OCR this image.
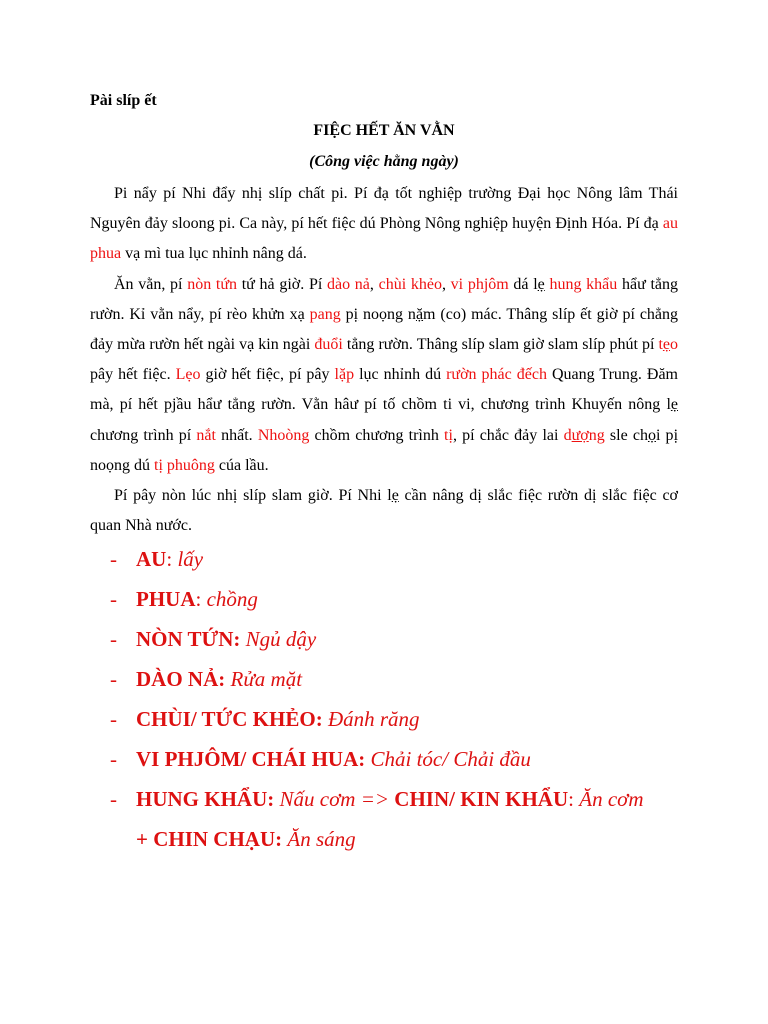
Pài slíp ết

FIỆC HẾT ĂN VẰN

(Công việc hằng ngày)

Pi nẩy pí Nhi đẩy nhị slíp chất pi. Pí đạ tốt nghiệp trường Đại học Nông lâm Thái Nguyên đảy sloong pi. Ca này, pí hết fiệc dú Phòng Nông nghiệp huyện Định Hóa. Pí đạ au phua vạ mì tua lục nhỉnh nâng dá.

Ăn vằn, pí nòn tứn tứ hả giờ. Pí dào nả, chùi khẻo, vi phjôm dá lẹ hung khẩu hẩư tẳng rườn. Kỉ vằn nẩy, pí rèo khửn xạ pang pị noọng nặm (co) mác. Thâng slíp ết giờ pí chẳng đảy mừa rườn hết ngài vạ kin ngài đuổi tẳng rườn. Thâng slíp slam giờ slam slíp phút pí tẹo pây hết fiệc. Lẹo giờ hết fiệc, pí pây lặp lục nhỉnh dú rườn phác đếch Quang Trung. Đăm mà, pí hết pjầu hẩư tẳng rườn. Vằn hâư pí tố chồm ti vi, chương trình Khuyến nông lẹ chương trình pí nắt nhất. Nhoòng chồm chương trình tị, pí chắc đảy lai dượng sle chọi pị noọng dú tị phuông cúa lầu.

Pí pây nòn lúc nhị slíp slam giờ. Pí Nhi lẹ cần nâng dị slắc fiệc rườn dị slắc fiệc cơ quan Nhà nước.

- AU: lấy
- PHUA: chồng
- NÒN TỨN: Ngủ dậy
- DÀO NẢ: Rửa mặt
- CHÙI/ TỨC KHẺO: Đánh răng
- VI PHJÔM/ CHÁI HUA: Chải tóc/ Chải đầu
- HUNG KHẨU: Nấu cơm => CHIN/ KIN KHẨU: Ăn cơm
+ CHIN CHẠU: Ăn sáng
